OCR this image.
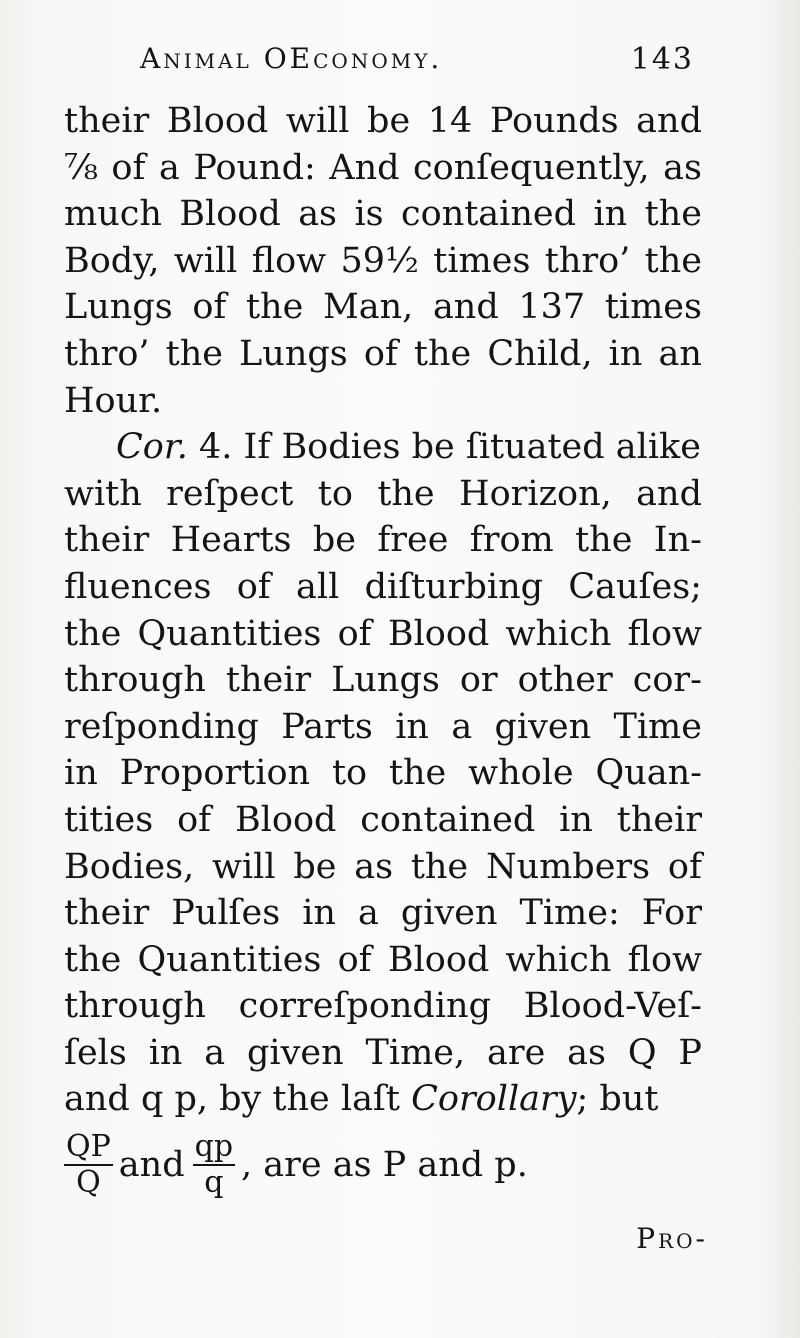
Animal OEconomy.	143
their Blood will be 14 Pounds and
⁷⁄₈ of a Pound: And conſequently, as
much Blood as is contained in the
Body, will flow 59½ times thro’ the
Lungs of the Man, and 137 times
thro’ the Lungs of the Child, in an
Hour.
Cor.
4. If Bodies be ſituated alike
with reſpect to the Horizon, and
their Hearts be free from the In-
fluences of all diſturbing Cauſes;
the Quantities of Blood which flow
through their Lungs or other cor-
reſponding Parts in a given Time
in Proportion to the whole Quan-
tities of Blood contained in their
Bodies, will be as the Numbers of
their Pulſes in a given Time: For
the Quantities of Blood which flow
through correſponding Blood-Veſ-
ſels in a given Time, are as Q P
and q p, by the laſt
Corollary ; but
$\frac{QP}{Q}$ and $\frac{qp}{q}$ , are as P and p.
Pro-
